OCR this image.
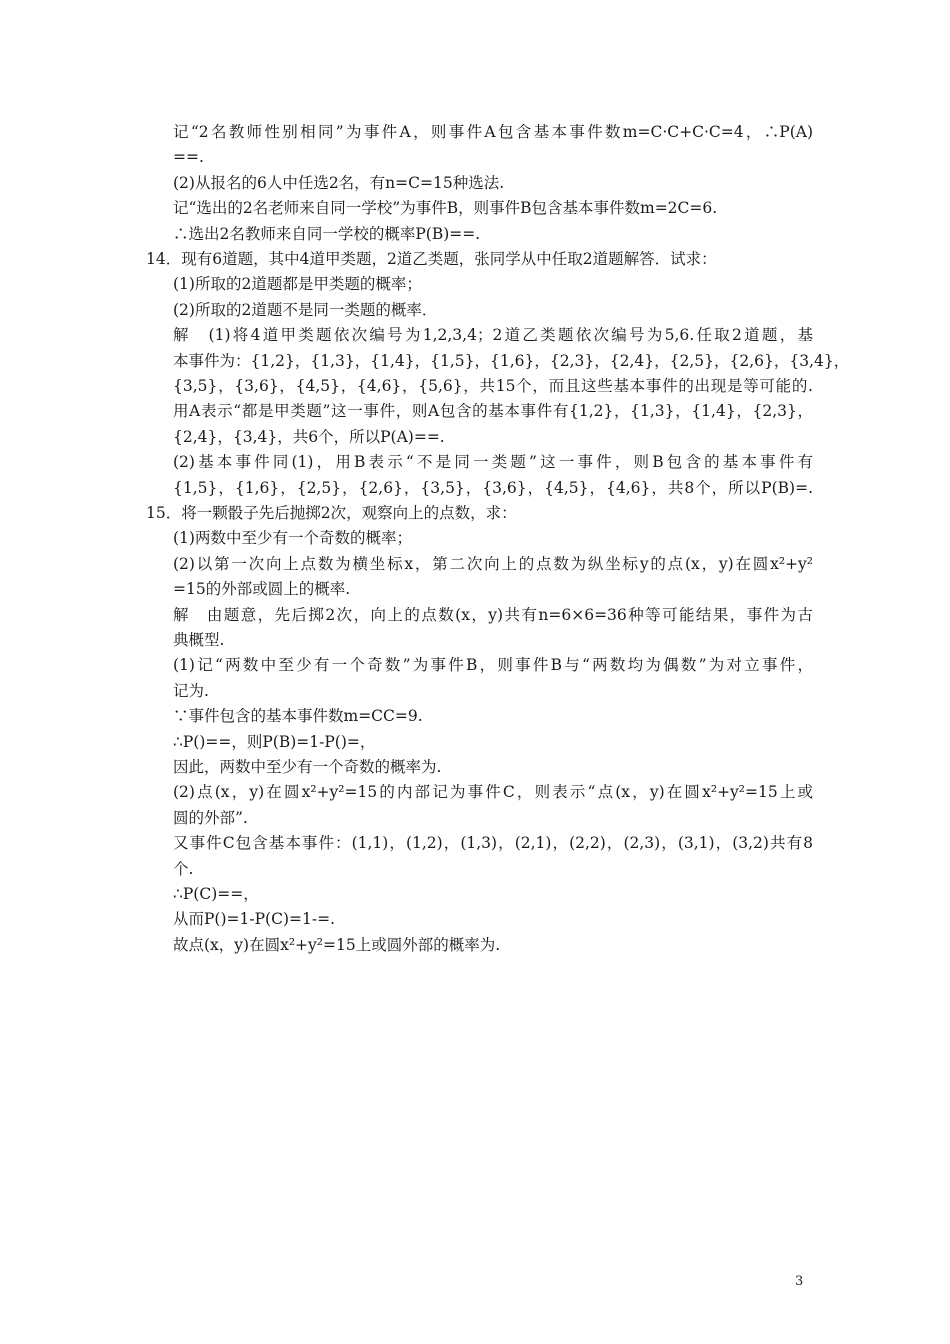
记“2名教师性别相同”为事件A，则事件A包含基本事件数m=C·C+C·C=4，∴P(A)
==.
(2)从报名的6人中任选2名，有n=C=15种选法.
记“选出的2名老师来自同一学校”为事件B，则事件B包含基本事件数m=2C=6.
∴选出2名教师来自同一学校的概率P(B)==.
14．现有6道题，其中4道甲类题，2道乙类题，张同学从中任取2道题解答．试求：
(1)所取的2道题都是甲类题的概率；
(2)所取的2道题不是同一类题的概率．
解　(1)将4道甲类题依次编号为1,2,3,4；2道乙类题依次编号为5,6.任取2道题，基
本事件为：{1,2}，{1,3}，{1,4}，{1,5}，{1,6}，{2,3}，{2,4}，{2,5}，{2,6}，{3,4}，
{3,5}，{3,6}，{4,5}，{4,6}，{5,6}，共15个，而且这些基本事件的出现是等可能的.
用A表示“都是甲类题”这一事件，则A包含的基本事件有{1,2}，{1,3}，{1,4}，{2,3}，
{2,4}，{3,4}，共6个，所以P(A)==.
(2)基本事件同(1)，用B表示“不是同一类题”这一事件，则B包含的基本事件有
{1,5}，{1,6}，{2,5}，{2,6}，{3,5}，{3,6}，{4,5}，{4,6}，共8个，所以P(B)=.
15．将一颗骰子先后抛掷2次，观察向上的点数，求：
(1)两数中至少有一个奇数的概率；
(2)以第一次向上点数为横坐标x，第二次向上的点数为纵坐标y的点(x，y)在圆x²+y²
=15的外部或圆上的概率.
解　由题意，先后掷2次，向上的点数(x，y)共有n=6×6=36种等可能结果，事件为古
典概型.
(1)记“两数中至少有一个奇数”为事件B，则事件B与“两数均为偶数”为对立事件，
记为.
∵事件包含的基本事件数m=CC=9.
∴P()==，则P(B)=1-P()=，
因此，两数中至少有一个奇数的概率为.
(2)点(x，y)在圆x²+y²=15的内部记为事件C，则表示“点(x，y)在圆x²+y²=15上或
圆的外部”.
又事件C包含基本事件：(1,1)，(1,2)，(1,3)，(2,1)，(2,2)，(2,3)，(3,1)，(3,2)共有8
个.
∴P(C)==，
从而P()=1-P(C)=1-=.
故点(x，y)在圆x²+y²=15上或圆外部的概率为.
3
